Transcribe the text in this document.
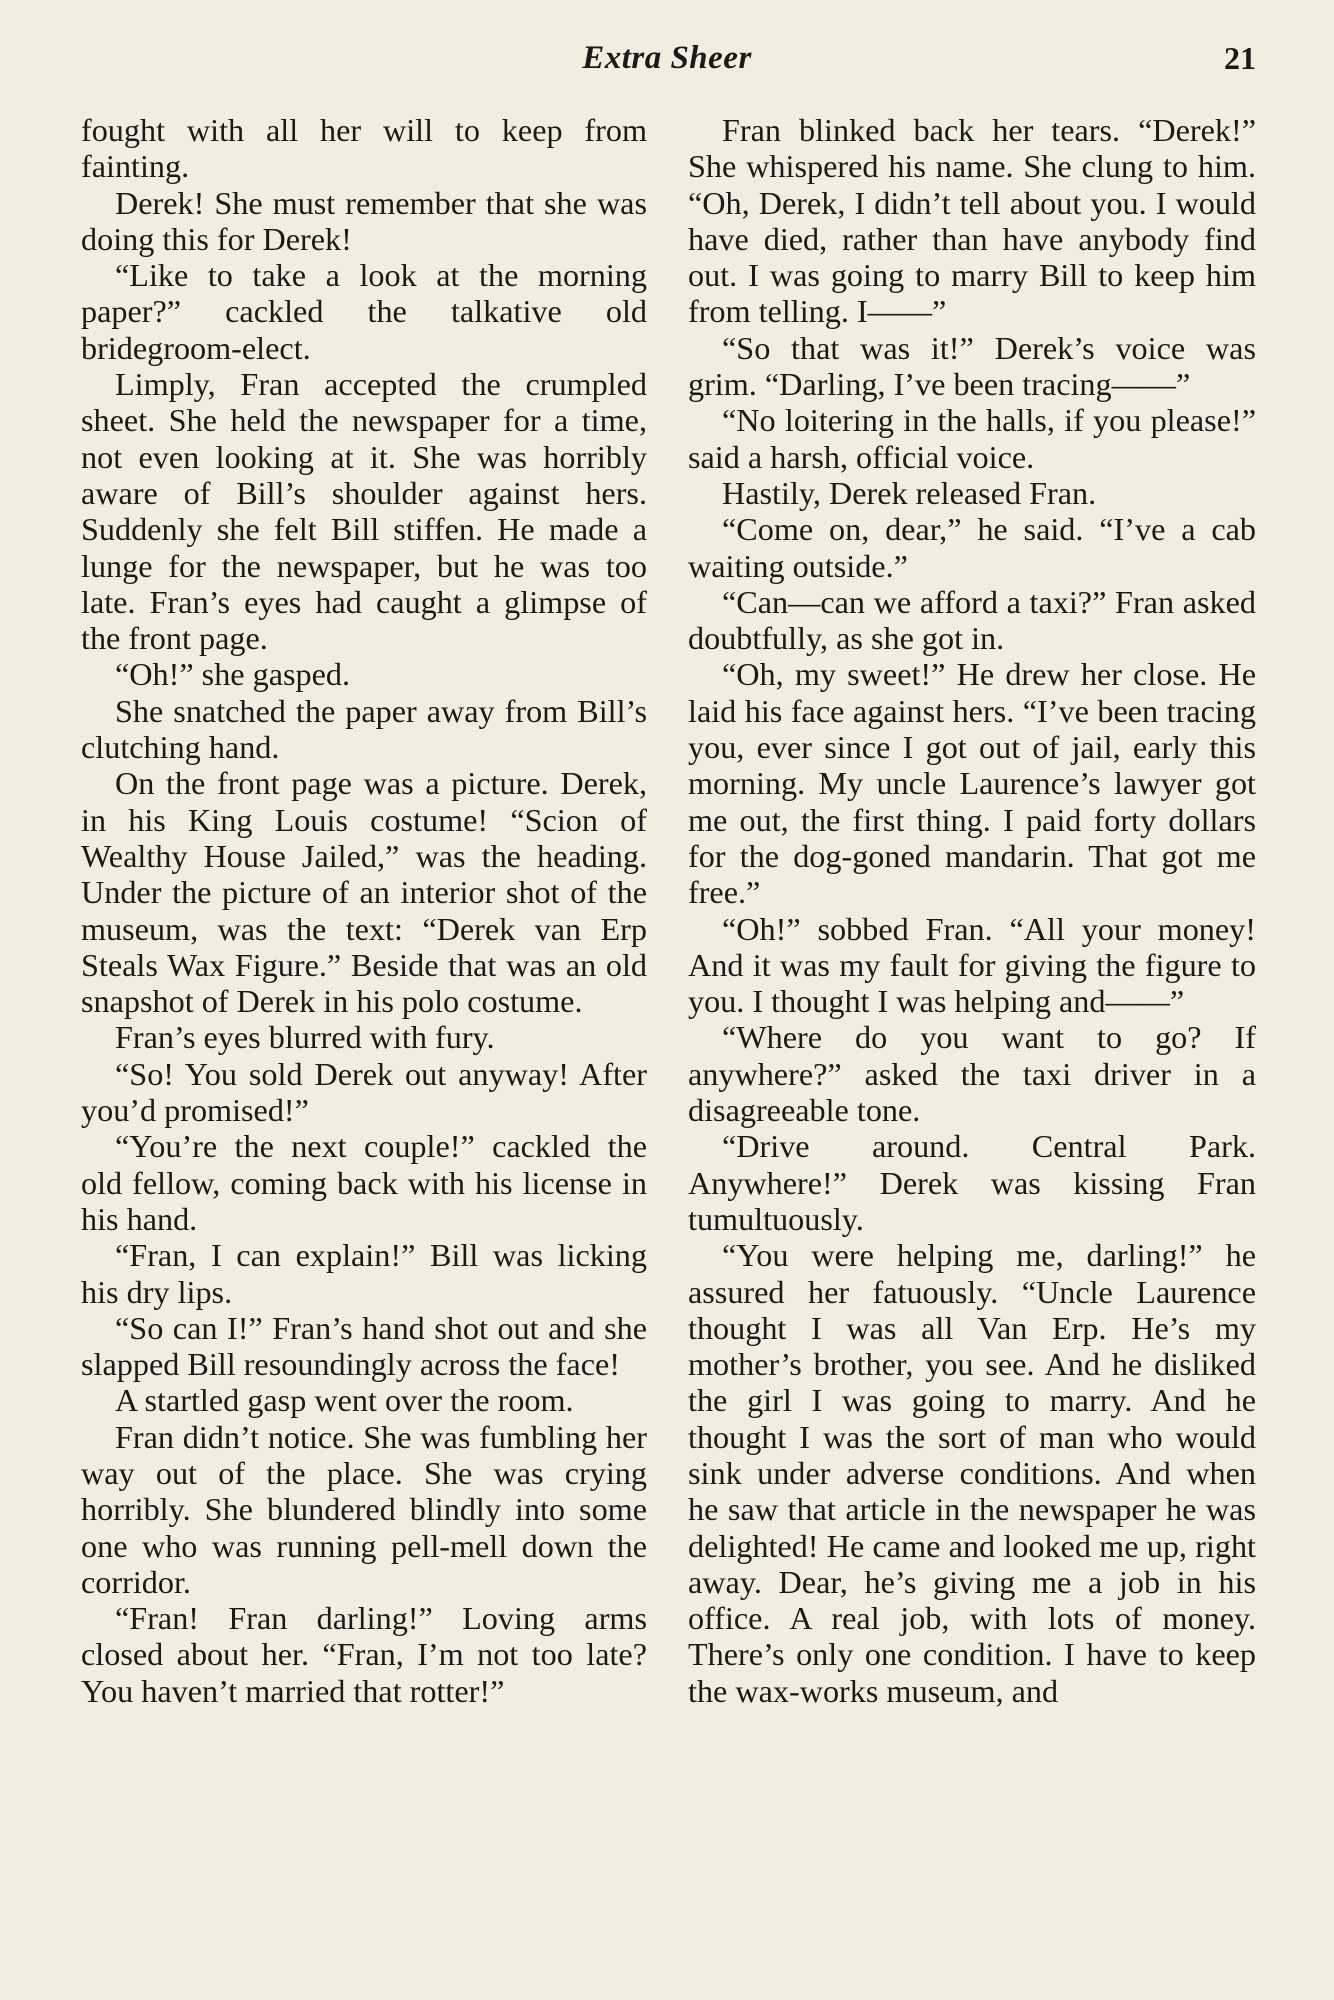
Extra Sheer	21

fought with all her will to keep from fainting.

Derek! She must remember that she was doing this for Derek!

“Like to take a look at the morning paper?” cackled the talkative old bridegroom-elect.

Limply, Fran accepted the crumpled sheet. She held the newspaper for a time, not even looking at it. She was horribly aware of Bill’s shoulder against hers. Suddenly she felt Bill stiffen. He made a lunge for the newspaper, but he was too late. Fran’s eyes had caught a glimpse of the front page.

“Oh!” she gasped.

She snatched the paper away from Bill’s clutching hand.

On the front page was a picture. Derek, in his King Louis costume! “Scion of Wealthy House Jailed,” was the heading. Under the picture of an interior shot of the museum, was the text: “Derek van Erp Steals Wax Figure.” Beside that was an old snapshot of Derek in his polo costume.

Fran’s eyes blurred with fury.

“So! You sold Derek out anyway! After you’d promised!”

“You’re the next couple!” cackled the old fellow, coming back with his license in his hand.

“Fran, I can explain!” Bill was licking his dry lips.

“So can I!” Fran’s hand shot out and she slapped Bill resoundingly across the face!

A startled gasp went over the room.

Fran didn’t notice. She was fumbling her way out of the place. She was crying horribly. She blundered blindly into some one who was running pell-mell down the corridor.

“Fran! Fran darling!” Loving arms closed about her. “Fran, I’m not too late? You haven’t married that rotter!”

Fran blinked back her tears. “Derek!” She whispered his name. She clung to him. “Oh, Derek, I didn’t tell about you. I would have died, rather than have anybody find out. I was going to marry Bill to keep him from telling. I——”

“So that was it!” Derek’s voice was grim. “Darling, I’ve been tracing——”

“No loitering in the halls, if you please!” said a harsh, official voice.

Hastily, Derek released Fran.

“Come on, dear,” he said. “I’ve a cab waiting outside.”

“Can—can we afford a taxi?” Fran asked doubtfully, as she got in.

“Oh, my sweet!” He drew her close. He laid his face against hers. “I’ve been tracing you, ever since I got out of jail, early this morning. My uncle Laurence’s lawyer got me out, the first thing. I paid forty dollars for the dog-goned mandarin. That got me free.”

“Oh!” sobbed Fran. “All your money! And it was my fault for giving the figure to you. I thought I was helping and——”

“Where do you want to go? If anywhere?” asked the taxi driver in a disagreeable tone.

“Drive around. Central Park. Anywhere!” Derek was kissing Fran tumultuously.

“You were helping me, darling!” he assured her fatuously. “Uncle Laurence thought I was all Van Erp. He’s my mother’s brother, you see. And he disliked the girl I was going to marry. And he thought I was the sort of man who would sink under adverse conditions. And when he saw that article in the newspaper he was delighted! He came and looked me up, right away. Dear, he’s giving me a job in his office. A real job, with lots of money. There’s only one condition. I have to keep the wax-works museum, and
